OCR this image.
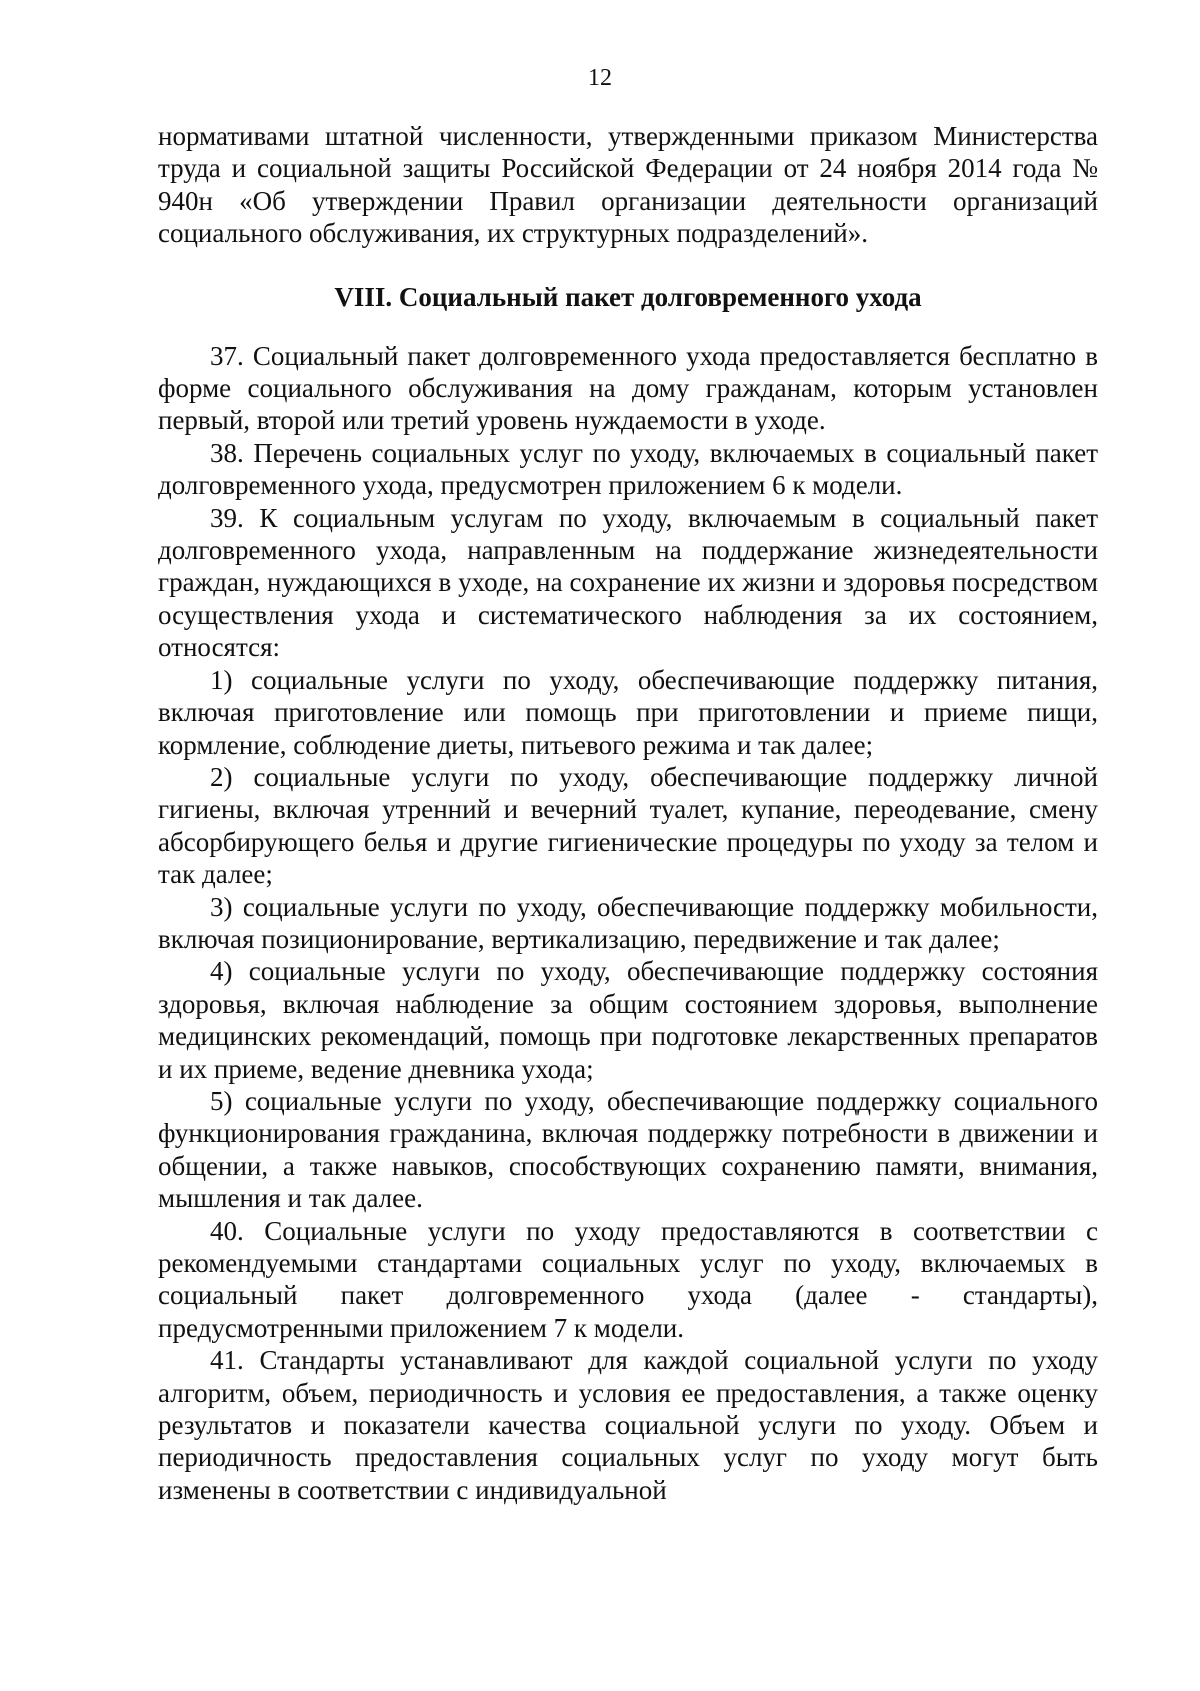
12

нормативами штатной численности, утвержденными приказом Министерства труда и социальной защиты Российской Федерации от 24 ноября 2014 года № 940н «Об утверждении Правил организации деятельности организаций социального обслуживания, их структурных подразделений».

VIII. Социальный пакет долговременного ухода

37. Социальный пакет долговременного ухода предоставляется бесплатно в форме социального обслуживания на дому гражданам, которым установлен первый, второй или третий уровень нуждаемости в уходе.

38. Перечень социальных услуг по уходу, включаемых в социальный пакет долговременного ухода, предусмотрен приложением 6 к модели.

39. К социальным услугам по уходу, включаемым в социальный пакет долговременного ухода, направленным на поддержание жизнедеятельности граждан, нуждающихся в уходе, на сохранение их жизни и здоровья посредством осуществления ухода и систематического наблюдения за их состоянием, относятся:

1) социальные услуги по уходу, обеспечивающие поддержку питания, включая приготовление или помощь при приготовлении и приеме пищи, кормление, соблюдение диеты, питьевого режима и так далее;

2) социальные услуги по уходу, обеспечивающие поддержку личной гигиены, включая утренний и вечерний туалет, купание, переодевание, смену абсорбирующего белья и другие гигиенические процедуры по уходу за телом и так далее;

3) социальные услуги по уходу, обеспечивающие поддержку мобильности, включая позиционирование, вертикализацию, передвижение и так далее;

4) социальные услуги по уходу, обеспечивающие поддержку состояния здоровья, включая наблюдение за общим состоянием здоровья, выполнение медицинских рекомендаций, помощь при подготовке лекарственных препаратов и их приеме, ведение дневника ухода;

5) социальные услуги по уходу, обеспечивающие поддержку социального функционирования гражданина, включая поддержку потребности в движении и общении, а также навыков, способствующих сохранению памяти, внимания, мышления и так далее.

40. Социальные услуги по уходу предоставляются в соответствии с рекомендуемыми стандартами социальных услуг по уходу, включаемых в социальный пакет долговременного ухода (далее - стандарты), предусмотренными приложением 7 к модели.

41. Стандарты устанавливают для каждой социальной услуги по уходу алгоритм, объем, периодичность и условия ее предоставления, а также оценку результатов и показатели качества социальной услуги по уходу. Объем и периодичность предоставления социальных услуг по уходу могут быть изменены в соответствии с индивидуальной
